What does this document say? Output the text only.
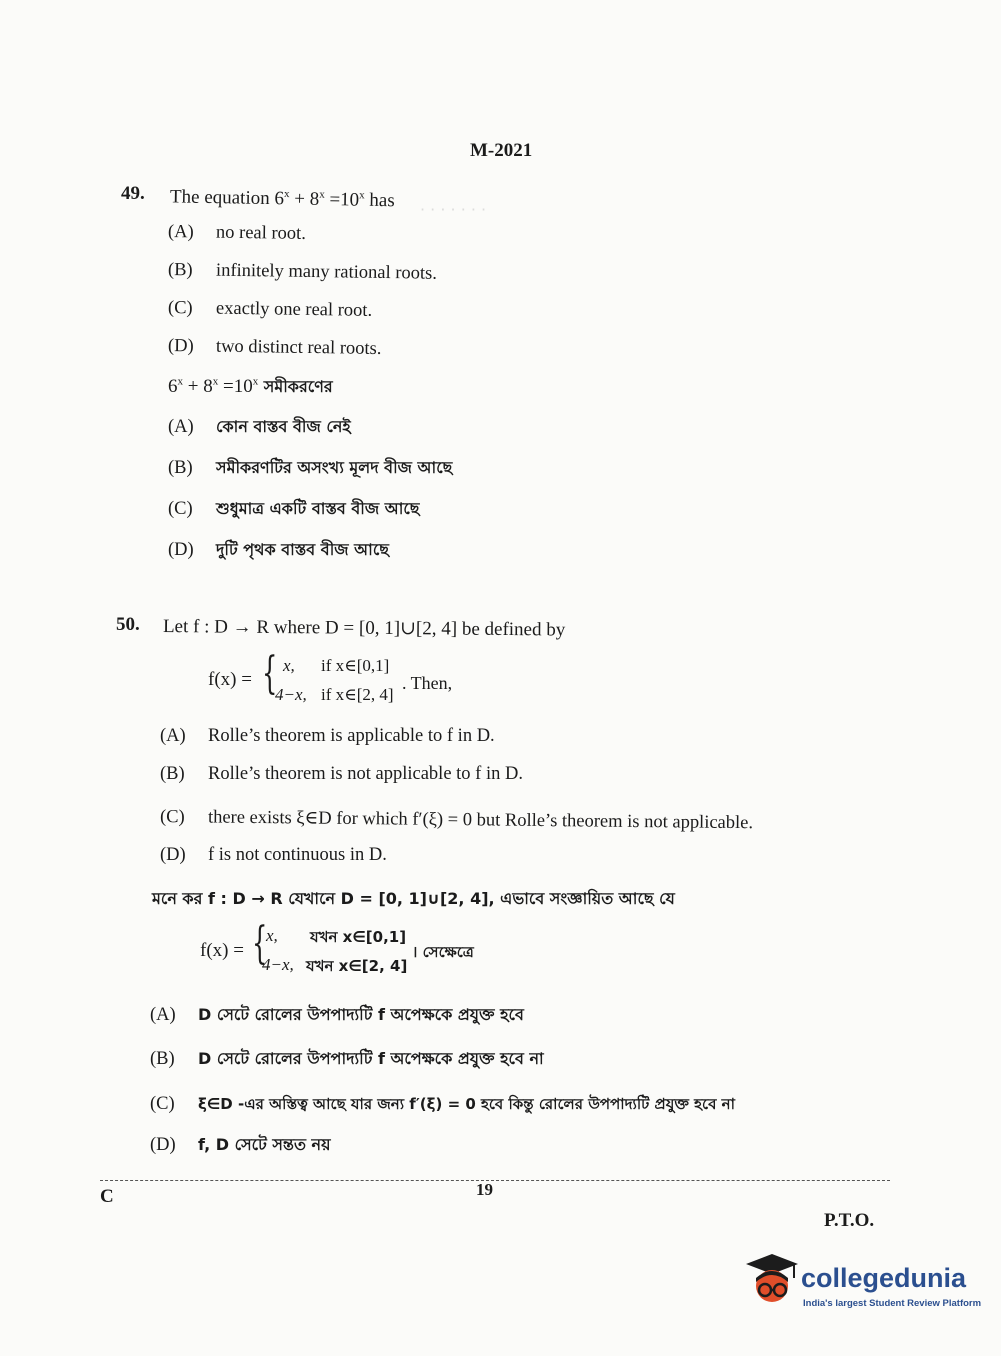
· · · · · · ·
M-2021
49. The equation $6^x + 8^x =10^x$ has
(A) no real root.
(B) infinitely many rational roots.
(C) exactly one real root.
(D) two distinct real roots.
$6^x + 8^x =10^x$ সমীকরণের
(A) কোন বাস্তব বীজ নেই
(B) সমীকরণটির অসংখ্য মূলদ বীজ আছে
(C) শুধুমাত্র একটি বাস্তব বীজ আছে
(D) দুটি পৃথক বাস্তব বীজ আছে
50. Let f : D → R where D = [0, 1]∪[2, 4] be defined by
f(x) = { x, if x∈[0,1]
4−x, if x∈[2, 4]
. Then,
(A) Rolle’s theorem is applicable to f in D.
(B) Rolle’s theorem is not applicable to f in D.
(C) there exists ξ∈D for which f′(ξ) = 0 but Rolle’s theorem is not applicable.
(D) f is not continuous in D.
মনে কর f : D → R যেখানে D = [0, 1]∪[2, 4], এভাবে সংজ্ঞায়িত আছে যে
f(x) = {
x, যখন x∈[0,1]
4−x, যখন x∈[2, 4]
। সেক্ষেত্রে
(A) D সেটে রোলের উপপাদ্যটি f অপেক্ষকে প্রযুক্ত হবে
(B) D সেটে রোলের উপপাদ্যটি f অপেক্ষকে প্রযুক্ত হবে না
(C) ξ∈D -এর অস্তিত্ব আছে যার জন্য f′(ξ) = 0 হবে কিন্তু রোলের উপপাদ্যটি প্রযুক্ত হবে না
(D) f, D সেটে সন্তত নয়
C	19
P.T.O.
collegedunia
India's largest Student Review Platform
